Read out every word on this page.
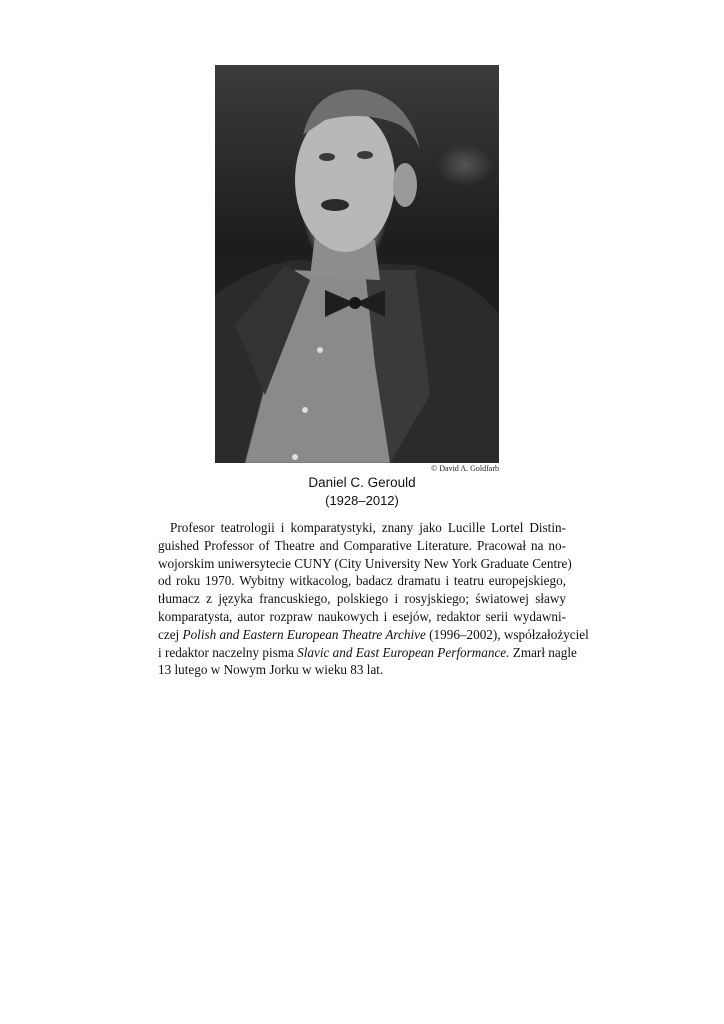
© David A. Goldfarb
Daniel C. Gerould
(1928–2012)
Profesor teatrologii i komparatystyki, znany jako Lucille Lortel Distin-
guished Professor of Theatre and Comparative Literature. Pracował na no-
wojorskim uniwersytecie CUNY (City University New York Graduate Centre)
od roku 1970. Wybitny witkacolog, badacz dramatu i teatru europejskiego,
tłumacz z języka francuskiego, polskiego i rosyjskiego; światowej sławy
komparatysta, autor rozpraw naukowych i esejów, redaktor serii wydawni-
czej Polish and Eastern European Theatre Archive (1996–2002), współzałożyciel
i redaktor naczelny pisma Slavic and East European Performance. Zmarł nagle
13 lutego w Nowym Jorku w wieku 83 lat.
